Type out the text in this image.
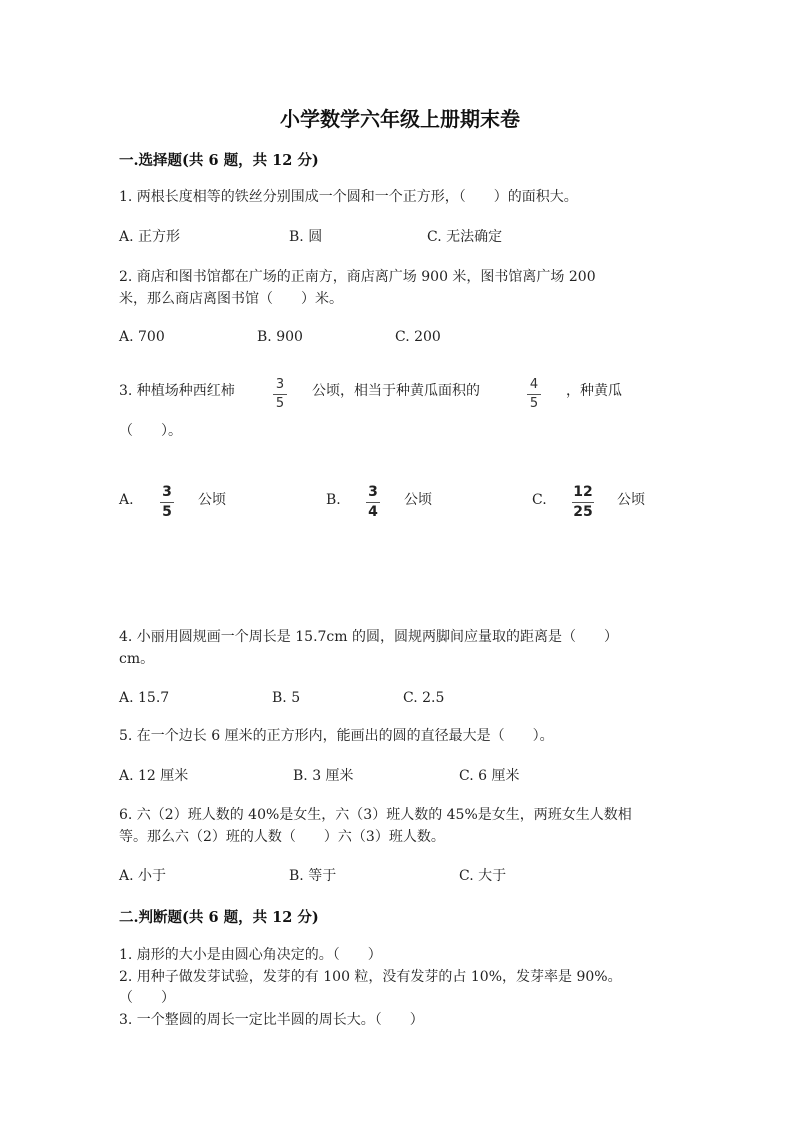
小学数学六年级上册期末卷
一.选择题(共 6 题，共 12 分)
1. 两根长度相等的铁丝分别围成一个圆和一个正方形，（　　）的面积大。
A. 正方形	B. 圆	C. 无法确定
2. 商店和图书馆都在广场的正南方，商店离广场 900 米，图书馆离广场 200
米，那么商店离图书馆（　　）米。
A. 700	B. 900	C. 200
3. 种植场种西红柿	3
5
公顷，相当于种黄瓜面积的	4
5
，种黄瓜
（　　）。
A. 3
5
公顷	B. 3
4
公顷	C. 12
25
公顷
4. 小丽用圆规画一个周长是 15.7cm 的圆，圆规两脚间应量取的距离是（　　）
cm。
A. 15.7	B. 5	C. 2.5
5. 在一个边长 6 厘米的正方形内，能画出的圆的直径最大是（　　）。
A. 12 厘米	B. 3 厘米	C. 6 厘米
6. 六（2）班人数的 40%是女生，六（3）班人数的 45%是女生，两班女生人数相
等。那么六（2）班的人数（　　）六（3）班人数。
A. 小于	B. 等于	C. 大于
二.判断题(共 6 题，共 12 分)
1. 扇形的大小是由圆心角决定的。（　　）
2. 用种子做发芽试验，发芽的有 100 粒，没有发芽的占 10%，发芽率是 90%。
（　　）
3. 一个整圆的周长一定比半圆的周长大。（　　）
